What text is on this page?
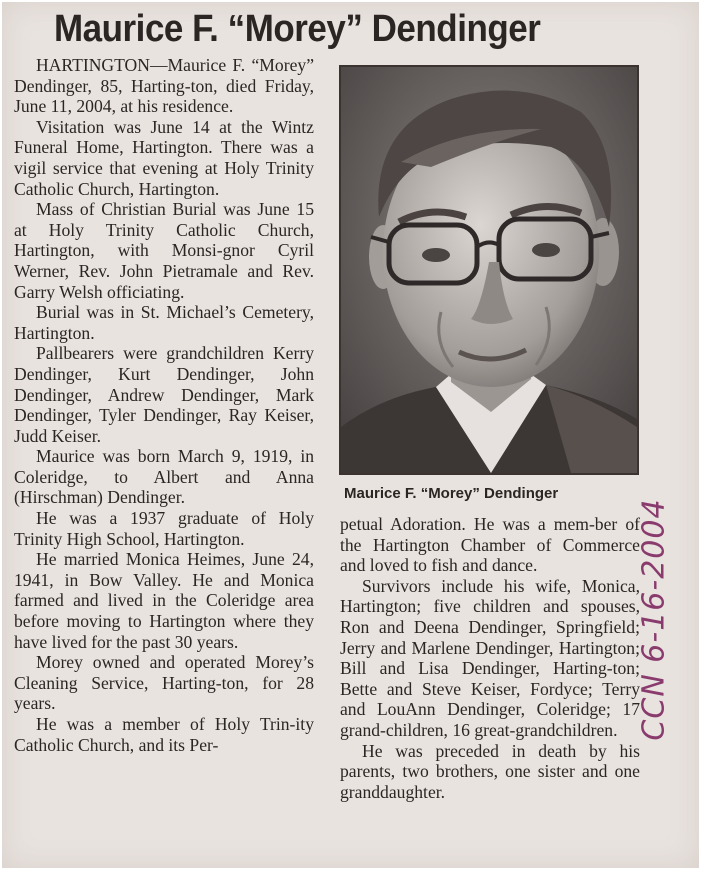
Maurice F. “Morey” Dendinger

HARTINGTON—Maurice F. “Morey” Dendinger, 85, Harting-ton, died Friday, June 11, 2004, at his residence.

Visitation was June 14 at the Wintz Funeral Home, Hartington. There was a vigil service that evening at Holy Trinity Catholic Church, Hartington.

Mass of Christian Burial was June 15 at Holy Trinity Catholic Church, Hartington, with Monsi-gnor Cyril Werner, Rev. John Pietramale and Rev. Garry Welsh officiating.

Burial was in St. Michael’s Cemetery, Hartington.

Pallbearers were grandchildren Kerry Dendinger, Kurt Dendinger, John Dendinger, Andrew Dendinger, Mark Dendinger, Tyler Dendinger, Ray Keiser, Judd Keiser.

Maurice was born March 9, 1919, in Coleridge, to Albert and Anna (Hirschman) Dendinger.

He was a 1937 graduate of Holy Trinity High School, Hartington.

He married Monica Heimes, June 24, 1941, in Bow Valley. He and Monica farmed and lived in the Coleridge area before moving to Hartington where they have lived for the past 30 years.

Morey owned and operated Morey’s Cleaning Service, Harting-ton, for 28 years.

He was a member of Holy Trin-ity Catholic Church, and its Per-

Maurice F. “Morey” Dendinger

petual Adoration. He was a mem-ber of the Hartington Chamber of Commerce and loved to fish and dance.

Survivors include his wife, Monica, Hartington; five children and spouses, Ron and Deena Dendinger, Springfield; Jerry and Marlene Dendinger, Hartington; Bill and Lisa Dendinger, Harting-ton; Bette and Steve Keiser, Fordyce; Terry and LouAnn Dendinger, Coleridge; 17 grand-children, 16 great-grandchildren.

He was preceded in death by his parents, two brothers, one sister and one granddaughter.

CCN 6-16-2004
